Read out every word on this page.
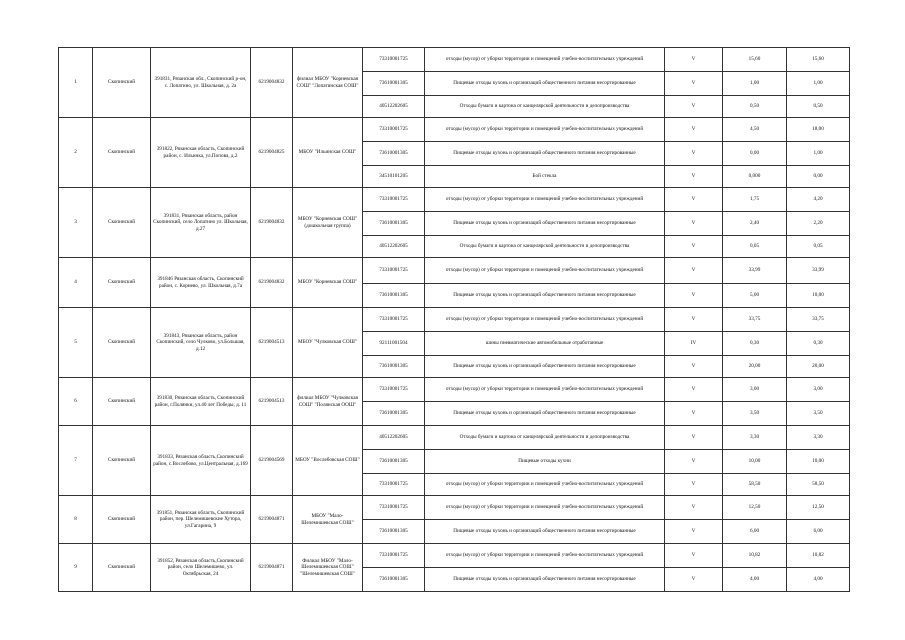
1	Скопинский	391831, Рязанская обл., Скопинский р-он, с. Лопатино, ул. Школьная, д. 2а	6219004832	филиал МБОУ "Корневская СОШ" "Лопатинская СОШ"	73310001725	отходы (мусор) от уборки территории и помещений учебно-воспитательных учреждений	V	15,60	15,60
					73610001305	Пищевые отходы кухонь и организаций общественного питания несортированные	V	1,00	1,00
					40512202605	Отходы бумаги и картона от канцелярской деятельности и делопроизводства	V	0,50	0,50
2	Скопинский	391822, Рязанская область, Скопинский район, с. Ильинка, ул.Попова, д.2	6219004825	МБОУ "Ильинская СОШ"	73310001725	отходы (мусор) от уборки территории и помещений учебно-воспитательных учреждений	V	4,50	18,00
					73610001305	Пищевые отходы кухонь и организаций общественного питания несортированные	V	0,00	1,00
					34510101205	Бой стекла	V	0,000	0,00
3	Скопинский	391831, Рязанская область, район Скопинский, село Лопатино ул. Школьная, д.27	6219004832	МБОУ "Корневская СОШ" (дошкольная группа)	73310001725	отходы (мусор) от уборки территории и помещений учебно-воспитательных учреждений	V	1,75	4,20
					73610001305	Пищевые отходы кухонь и организаций общественного питания несортированные	V	2,40	2,20
					40512202605	Отходы бумаги и картона от канцелярской деятельности и делопроизводства	V	0,05	0,05
4	Скопинский	391846 Рязанская область, Скопинский район, с. Корнево, ул. Школьная, д.7а	6219004832	МБОУ "Корневская СОШ"	73310001725	отходы (мусор) от уборки территории и помещений учебно-воспитательных учреждений	V	33,99	33,99
					73610001305	Пищевые отходы кухонь и организаций общественного питания несортированные	V	5,00	10,00
5	Скопинский	391843, Рязанская область, район Скопинский, село Чулково, ул.Большая, д.12	6219004513	МБОУ "Чулковская СОШ"	73310001725	отходы (мусор) от уборки территории и помещений учебно-воспитательных учреждений	V	33,75	33,75
					92111001504	шины пневматические автомобильные отработанные	IV	0,30	0,30
					73610001305	Пищевые отходы кухонь и организаций общественного питания несортированные	V	20,00	20,00
6	Скопинский	391830, Рязанская область, Скопинский район, г.Полянки, ул.40 лет Победы, д. 11	6219004513	филиал МБОУ "Чулковская СОШ" "Полянская ООШ"	73310001725	отходы (мусор) от уборки территории и помещений учебно-воспитательных учреждений	V	3,00	3,00
					73610001305	Пищевые отходы кухонь и организаций общественного питания несортированные	V	3,50	3,50
7	Скопинский	391833, Рязанская область,Скопинский район, с.Вослебово, ул.Центральная, д.169	6219004569	МБОУ "Вослебовская СОШ"	40512202605	Отходы бумаги и картона от канцелярской деятельности и делопроизводства	V	3,30	3,30
					73610001305	Пищевые отходы кухни	V	10,00	10,00
					73310001725	отходы (мусор) от уборки территории и помещений учебно-воспитательных учреждений	V	58,50	58,50
8	Скопинский	391851, Рязанская область, Скопинский район, пер. Шелемишевские Хутора, ул.Гагарина, 9	6219004871	МБОУ "Мало-Шелемишевская СОШ"	73310001725	отходы (мусор) от уборки территории и помещений учебно-воспитательных учреждений	V	12,50	12,50
					73610001305	Пищевые отходы кухонь и организаций общественного питания несортированные	V	6,00	6,00
9	Скопинский	391852, Рязанская область,Скопинский район, село Шелемишево, ул. Октябрьская, 24	6219004871	Филиал МБОУ "Мало-Шелемишевская СОШ" "Шелемишевская СОШ"	73310001725	отходы (мусор) от уборки территории и помещений учебно-воспитательных учреждений	V	10,82	10,82
					73610001305	Пищевые отходы кухонь и организаций общественного питания несортированные	V	4,00	4,00
